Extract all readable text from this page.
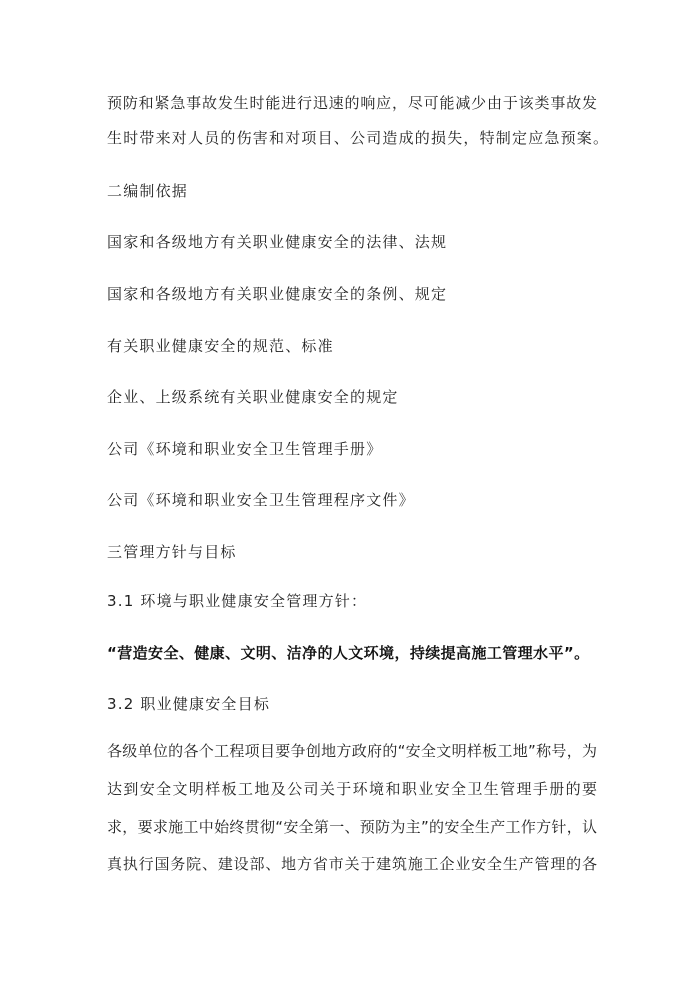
预防和紧急事故发生时能进行迅速的响应，尽可能减少由于该类事故发
生时带来对人员的伤害和对项目、公司造成的损失，特制定应急预案。
二编制依据
国家和各级地方有关职业健康安全的法律、法规
国家和各级地方有关职业健康安全的条例、规定
有关职业健康安全的规范、标准
企业、上级系统有关职业健康安全的规定
公司《环境和职业安全卫生管理手册》
公司《环境和职业安全卫生管理程序文件》
三管理方针与目标
3.1 环境与职业健康安全管理方针：
“营造安全、健康、文明、洁净的人文环境，持续提高施工管理水平”。
3.2 职业健康安全目标
各级单位的各个工程项目要争创地方政府的“安全文明样板工地”称号，为
达到安全文明样板工地及公司关于环境和职业安全卫生管理手册的要
求，要求施工中始终贯彻“安全第一、预防为主”的安全生产工作方针，认
真执行国务院、建设部、地方省市关于建筑施工企业安全生产管理的各
